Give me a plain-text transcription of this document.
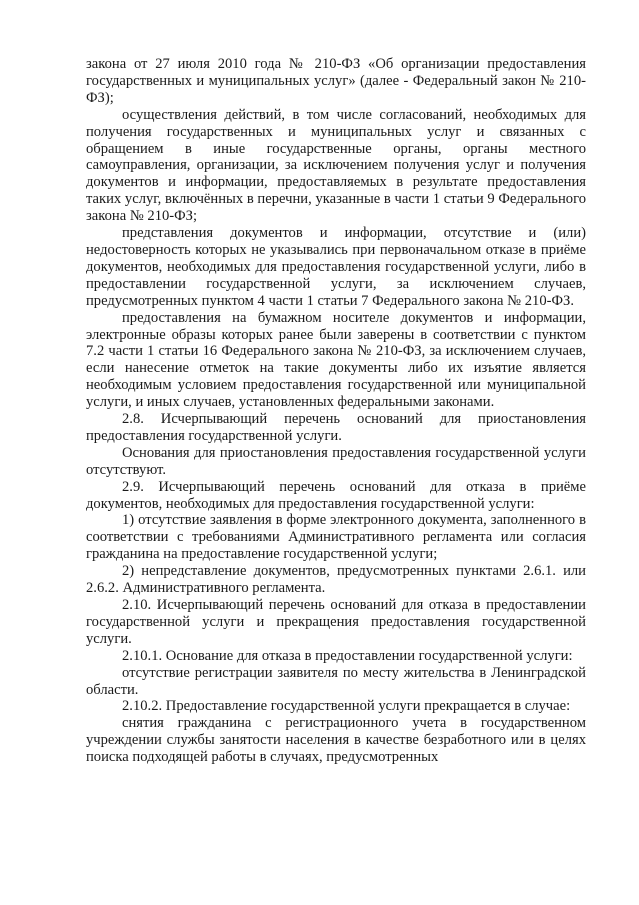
закона от 27 июля 2010 года № 210-ФЗ «Об организации предоставления государственных и муниципальных услуг» (далее - Федеральный закон № 210-ФЗ);

осуществления действий, в том числе согласований, необходимых для получения государственных и муниципальных услуг и связанных с обращением в иные государственные органы, органы местного самоуправления, организации, за исключением получения услуг и получения документов и информации, предоставляемых в результате предоставления таких услуг, включённых в перечни, указанные в части 1 статьи 9 Федерального закона № 210-ФЗ;

представления документов и информации, отсутствие и (или) недостоверность которых не указывались при первоначальном отказе в приёме документов, необходимых для предоставления государственной услуги, либо в предоставлении государственной услуги, за исключением случаев, предусмотренных пунктом 4 части 1 статьи 7 Федерального закона № 210-ФЗ.

предоставления на бумажном носителе документов и информации, электронные образы которых ранее были заверены в соответствии с пунктом 7.2 части 1 статьи 16 Федерального закона № 210-ФЗ, за исключением случаев, если нанесение отметок на такие документы либо их изъятие является необходимым условием предоставления государственной или муниципальной услуги, и иных случаев, установленных федеральными законами.

2.8. Исчерпывающий перечень оснований для приостановления предоставления государственной услуги.

Основания для приостановления предоставления государственной услуги отсутствуют.

2.9. Исчерпывающий перечень оснований для отказа в приёме документов, необходимых для предоставления государственной услуги:

1) отсутствие заявления в форме электронного документа, заполненного в соответствии с требованиями Административного регламента или согласия гражданина на предоставление государственной услуги;

2) непредставление документов, предусмотренных пунктами 2.6.1. или 2.6.2. Административного регламента.

2.10. Исчерпывающий перечень оснований для отказа в предоставлении государственной услуги и прекращения предоставления государственной услуги.

2.10.1. Основание для отказа в предоставлении государственной услуги:

отсутствие регистрации заявителя по месту жительства в Ленинградской области.

2.10.2. Предоставление государственной услуги прекращается в случае:

снятия гражданина с регистрационного учета в государственном учреждении службы занятости населения в качестве безработного или в целях поиска подходящей работы в случаях, предусмотренных
